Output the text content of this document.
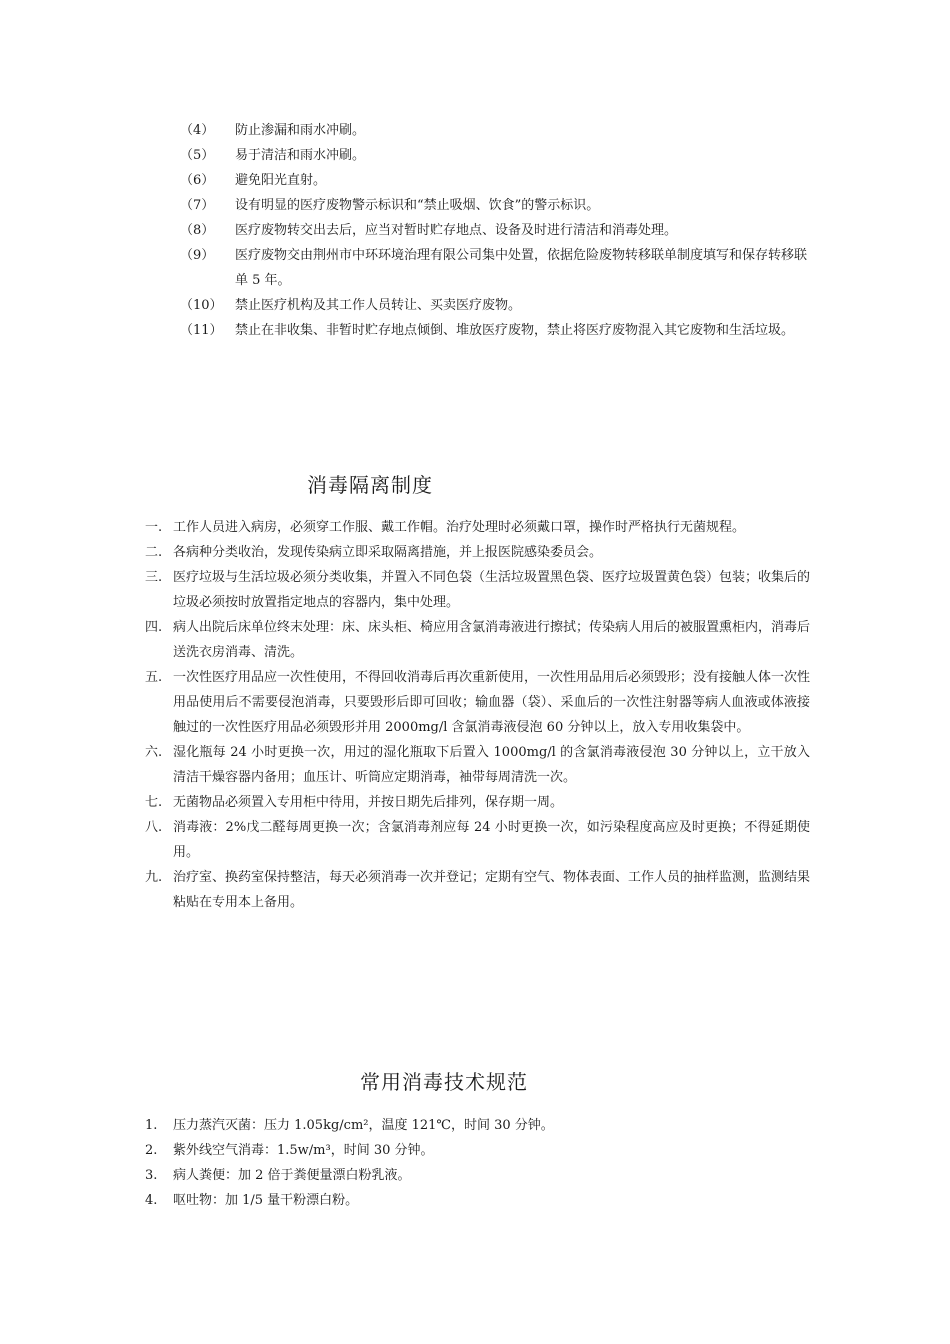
（4）	防止渗漏和雨水冲刷。
（5）	易于清洁和雨水冲刷。
（6）	避免阳光直射。
（7）	设有明显的医疗废物警示标识和“禁止吸烟、饮食”的警示标识。
（8）	医疗废物转交出去后，应当对暂时贮存地点、设备及时进行清洁和消毒处理。
（9）	医疗废物交由荆州市中环环境治理有限公司集中处置，依据危险废物转移联单制度填写和保存转移联单 5 年。
（10） 禁止医疗机构及其工作人员转让、买卖医疗废物。
（11） 禁止在非收集、非暂时贮存地点倾倒、堆放医疗废物，禁止将医疗废物混入其它废物和生活垃圾。
消毒隔离制度
一. 工作人员进入病房，必须穿工作服、戴工作帽。治疗处理时必须戴口罩，操作时严格执行无菌规程。
二. 各病种分类收治，发现传染病立即采取隔离措施，并上报医院感染委员会。
三. 医疗垃圾与生活垃圾必须分类收集，并置入不同色袋（生活垃圾置黑色袋、医疗垃圾置黄色袋）包装；收集后的垃圾必须按时放置指定地点的容器内，集中处理。
四. 病人出院后床单位终末处理：床、床头柜、椅应用含氯消毒液进行擦拭；传染病人用后的被服置熏柜内，消毒后送洗衣房消毒、清洗。
五. 一次性医疗用品应一次性使用，不得回收消毒后再次重新使用，一次性用品用后必须毁形；没有接触人体一次性用品使用后不需要侵泡消毒，只要毁形后即可回收；输血器（袋）、采血后的一次性注射器等病人血液或体液接触过的一次性医疗用品必须毁形并用 2000mg/l 含氯消毒液侵泡 60 分钟以上，放入专用收集袋中。
六. 湿化瓶每 24 小时更换一次，用过的湿化瓶取下后置入 1000mg/l 的含氯消毒液侵泡 30 分钟以上，立干放入清洁干燥容器内备用；血压计、听筒应定期消毒，袖带每周清洗一次。
七. 无菌物品必须置入专用柜中待用，并按日期先后排列，保存期一周。
八. 消毒液：2%戊二醛每周更换一次；含氯消毒剂应每 24 小时更换一次，如污染程度高应及时更换；不得延期使用。
九. 治疗室、换药室保持整洁，每天必须消毒一次并登记；定期有空气、物体表面、工作人员的抽样监测，监测结果粘贴在专用本上备用。
常用消毒技术规范
1.	压力蒸汽灭菌：压力 1.05kg/cm²，温度 121℃，时间 30 分钟。
2.	紫外线空气消毒：1.5w/m³，时间 30 分钟。
3.	病人粪便：加 2 倍于粪便量漂白粉乳液。
4.	呕吐物：加 1/5 量干粉漂白粉。
